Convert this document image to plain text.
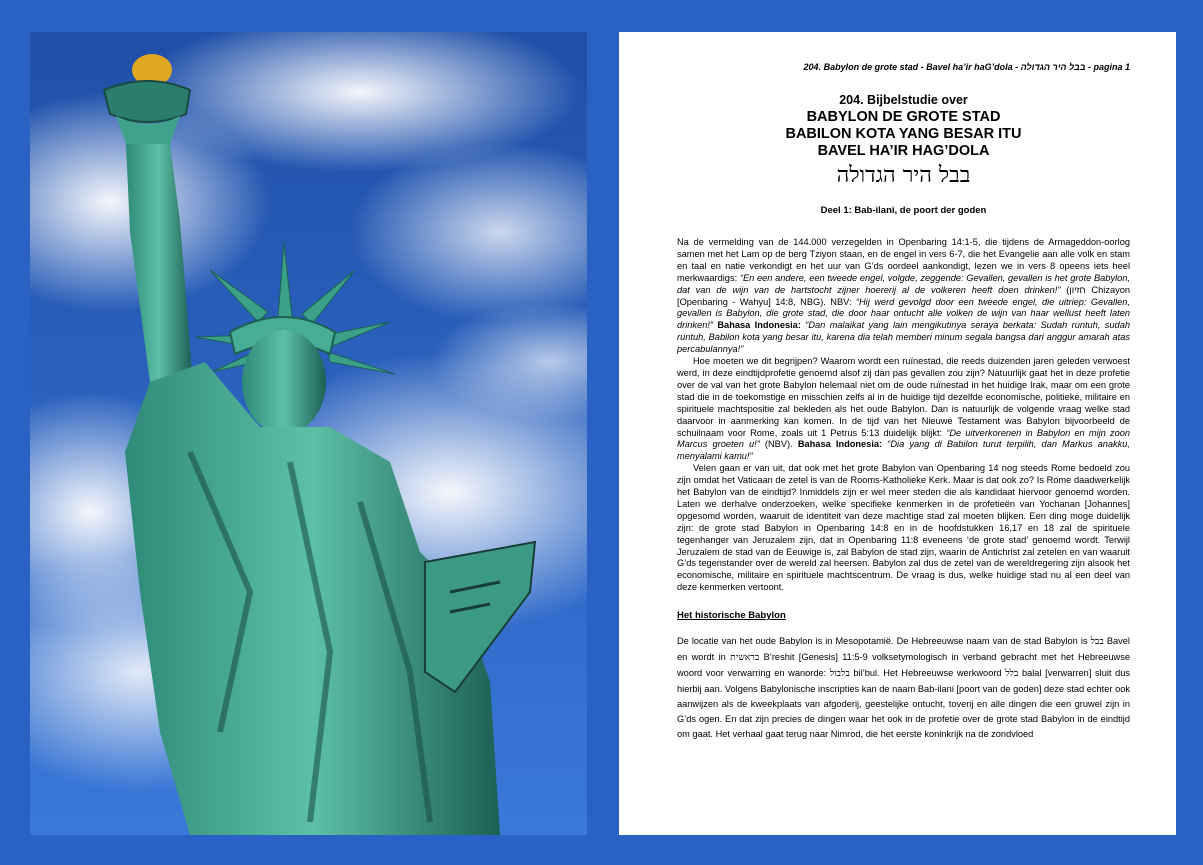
204. Babylon de grote stad - Bavel ha’ir haG’dola - בבל היר הגדולה - pagina 1
204. Bijbelstudie over
BABYLON DE GROTE STAD
BABILON KOTA YANG BESAR ITU
BAVEL HA’IR HAG’DOLA
בבל היר הגדולה
Deel 1: Bab-ilani, de poort der goden

Na de vermelding van de 144.000 verzegelden in Openbaring 14:1-5, die tijdens de Armageddon-oorlog samen met het Lam op de berg Tziyon staan, en de engel in vers 6-7, die het Evangelie aan alle volk en stam en taal en natie verkondigt en het uur van G’ds oordeel aankondigt, lezen we in vers 8 opeens iets heel merkwaardigs: “En een andere, een tweede engel, volgde, zeggende: Gevallen, gevallen is het grote Babylon, dat van de wijn van de hartstocht zijner hoererij al de volkeren heeft doen drinken!” (חזיון Chizayon [Openbaring - Wahyu] 14:8, NBG). NBV: “Hij werd gevolgd door een tweede engel, die uitriep: Gevallen, gevallen is Babylon, die grote stad, die door haar ontucht alle volken de wijn van haar wellust heeft laten drinken!” Bahasa Indonesia: “Dan malaikat yang lain mengikutinya seraya berkata: Sudah runtuh, sudah runtuh, Babilon kota yang besar itu, karena dia telah memberi minum segala bangsa dari anggur amarah atas percabulannya!”

Hoe moeten we dit begrijpen? Waarom wordt een ruïnestad, die reeds duizenden jaren geleden verwoest werd, in deze eindtijdprofetie genoemd alsof zij dan pas gevallen zou zijn? Natuurlijk gaat het in deze profetie over de val van het grote Babylon helemaal niet om de oude ruïnestad in het huidige Irak, maar om een grote stad die in de toekomstige en misschien zelfs al in de huidige tijd dezelfde economische, politieke, militaire en spirituele machtspositie zal bekleden als het oude Babylon. Dan is natuurlijk de volgende vraag welke stad daarvoor in aanmerking kan komen. In de tijd van het Nieuwe Testament was Babylon bijvoorbeeld de schuilnaam voor Rome, zoals uit 1 Petrus 5:13 duidelijk blijkt: “De uitverkorenen in Babylon en mijn zoon Marcus groeten u!” (NBV). Bahasa Indonesia: “Dia yang di Babilon turut terpilih, dan Markus anakku, menyalami kamu!”

Velen gaan er van uit, dat ook met het grote Babylon van Openbaring 14 nog steeds Rome bedoeld zou zijn omdat het Vaticaan de zetel is van de Rooms-Katholieke Kerk. Maar is dat ook zo? Is Rome daadwerkelijk het Babylon van de eindtijd? Inmiddels zijn er wel meer steden die als kandidaat hiervoor genoemd worden. Laten we derhalve onderzoeken, welke specifieke kenmerken in de profetieën van Yochanan [Johannes] opgesomd worden, waaruit de identiteit van deze machtige stad zal moeten blijken. Een ding moge duidelijk zijn: de grote stad Babylon in Openbaring 14:8 en in de hoofdstukken 16,17 en 18 zal de spirituele tegenhanger van Jeruzalem zijn, dat in Openbaring 11:8 eveneens ‘de grote stad’ genoemd wordt. Terwijl Jeruzalem de stad van de Eeuwige is, zal Babylon de stad zijn, waarin de Antichrist zal zetelen en van waaruit G’ds tegenstander over de wereld zal heersen. Babylon zal dus de zetel van de wereldregering zijn alsook het economische, militaire en spirituele machtscentrum. De vraag is dus, welke huidige stad nu al een deel van deze kenmerken vertoont.

Het historische Babylon

De locatie van het oude Babylon is in Mesopotamië. De Hebreeuwse naam van de stad Babylon is בבל Bavel en wordt in בראשית B’reshit [Genesis] 11:5-9 volksetymologisch in verband gebracht met het Hebreeuwse woord voor verwarring en wanorde: בלבול bil’bul. Het Hebreeuwse werkwoord בלל balal [verwarren] sluit dus hierbij aan. Volgens Babylonische inscripties kan de naam Bab-ilani [poort van de goden] deze stad echter ook aanwijzen als de kweekplaats van afgoderij, geestelijke ontucht, toverij en alle dingen die een gruwel zijn in G’ds ogen. En dat zijn precies de dingen waar het ook in de profetie over de grote stad Babylon in de eindtijd om gaat. Het verhaal gaat terug naar Nimrod, die het eerste koninkrijk na de zondvloed
